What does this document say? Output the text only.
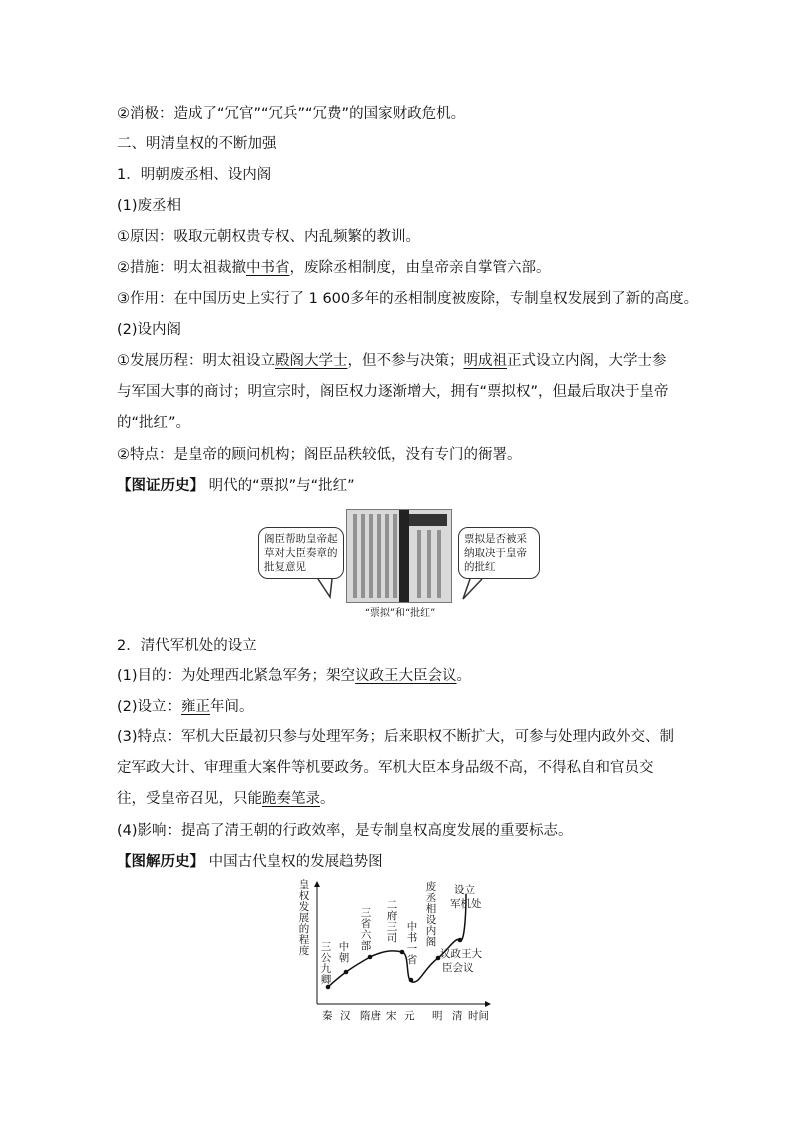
②消极：造成了“冗官”“冗兵”“冗费”的国家财政危机。
二、明清皇权的不断加强
1．明朝废丞相、设内阁
(1)废丞相
①原因：吸取元朝权贵专权、内乱频繁的教训。
②措施：明太祖裁撤中书省，废除丞相制度，由皇帝亲自掌管六部。
③作用：在中国历史上实行了 1 600多年的丞相制度被废除，专制皇权发展到了新的高度。
(2)设内阁
①发展历程：明太祖设立殿阁大学士，但不参与决策；明成祖正式设立内阁，大学士参与军国大事的商讨；明宣宗时，阁臣权力逐渐增大，拥有“票拟权”，但最后取决于皇帝的“批红”。
②特点：是皇帝的顾问机构；阁臣品秩较低，没有专门的衙署。
【图证历史】 明代的“票拟”与“批红”
阁臣帮助皇帝起草对大臣奏章的批复意见
票拟是否被采纳取决于皇帝的批红
“票拟”和“批红”
2．清代军机处的设立
(1)目的：为处理西北紧急军务；架空议政王大臣会议。
(2)设立：雍正年间。
(3)特点：军机大臣最初只参与处理军务；后来职权不断扩大，可参与处理内政外交、制定军政大计、审理重大案件等机要政务。军机大臣本身品级不高，不得私自和官员交往，受皇帝召见，只能跪奏笔录。
(4)影响：提高了清王朝的行政效率，是专制皇权高度发展的重要标志。
【图解历史】 中国古代皇权的发展趋势图
皇权发展的程度 三公九卿
中朝
三省六部
二府三司
中书一省
废丞相设内阁
设立
军机处
议政王大
臣会议
秦 汉 隋唐 宋 元 明 清 时间
